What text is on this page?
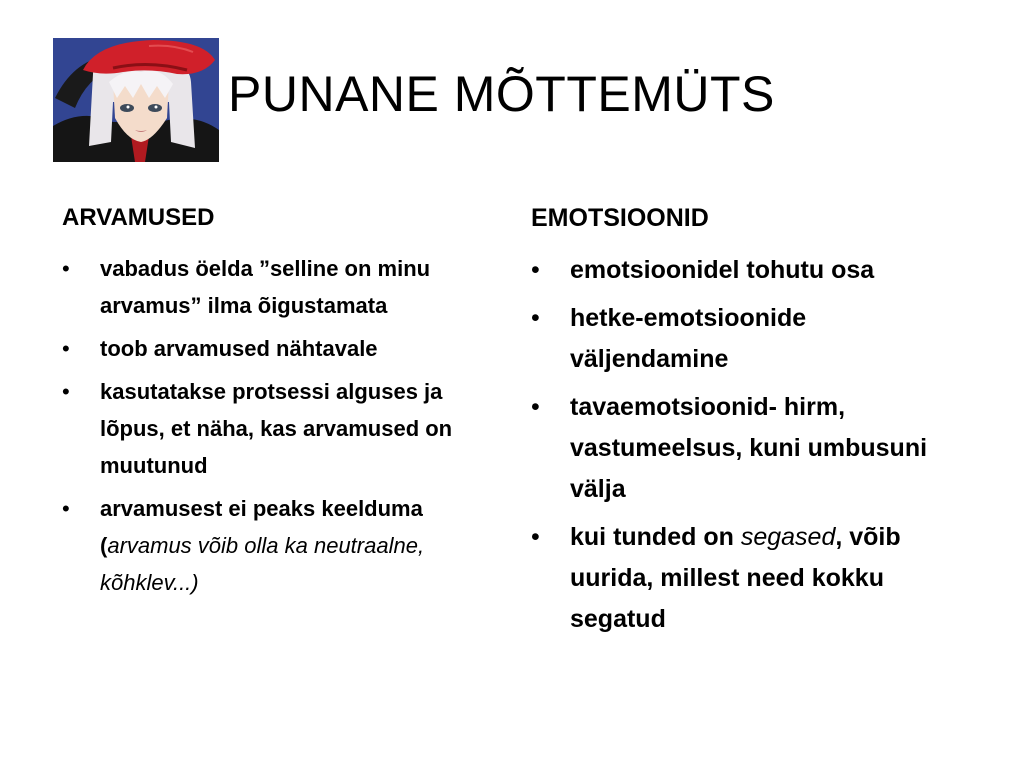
PUNANE MÕTTEMÜTS
ARVAMUSED
• vabadus öelda ”selline on minu arvamus” ilma õigustamata
• toob arvamused nähtavale
• kasutatakse protsessi alguses ja lõpus, et näha, kas arvamused on muutunud
• arvamusest ei peaks keelduma (arvamus võib olla ka neutraalne, kõhklev...)
EMOTSIOONID
• emotsioonidel tohutu osa
• hetke-emotsioonide väljendamine
• tavaemotsioonid- hirm, vastumeelsus, kuni umbusuni välja
• kui tunded on segased, võib uurida, millest need kokku segatud
